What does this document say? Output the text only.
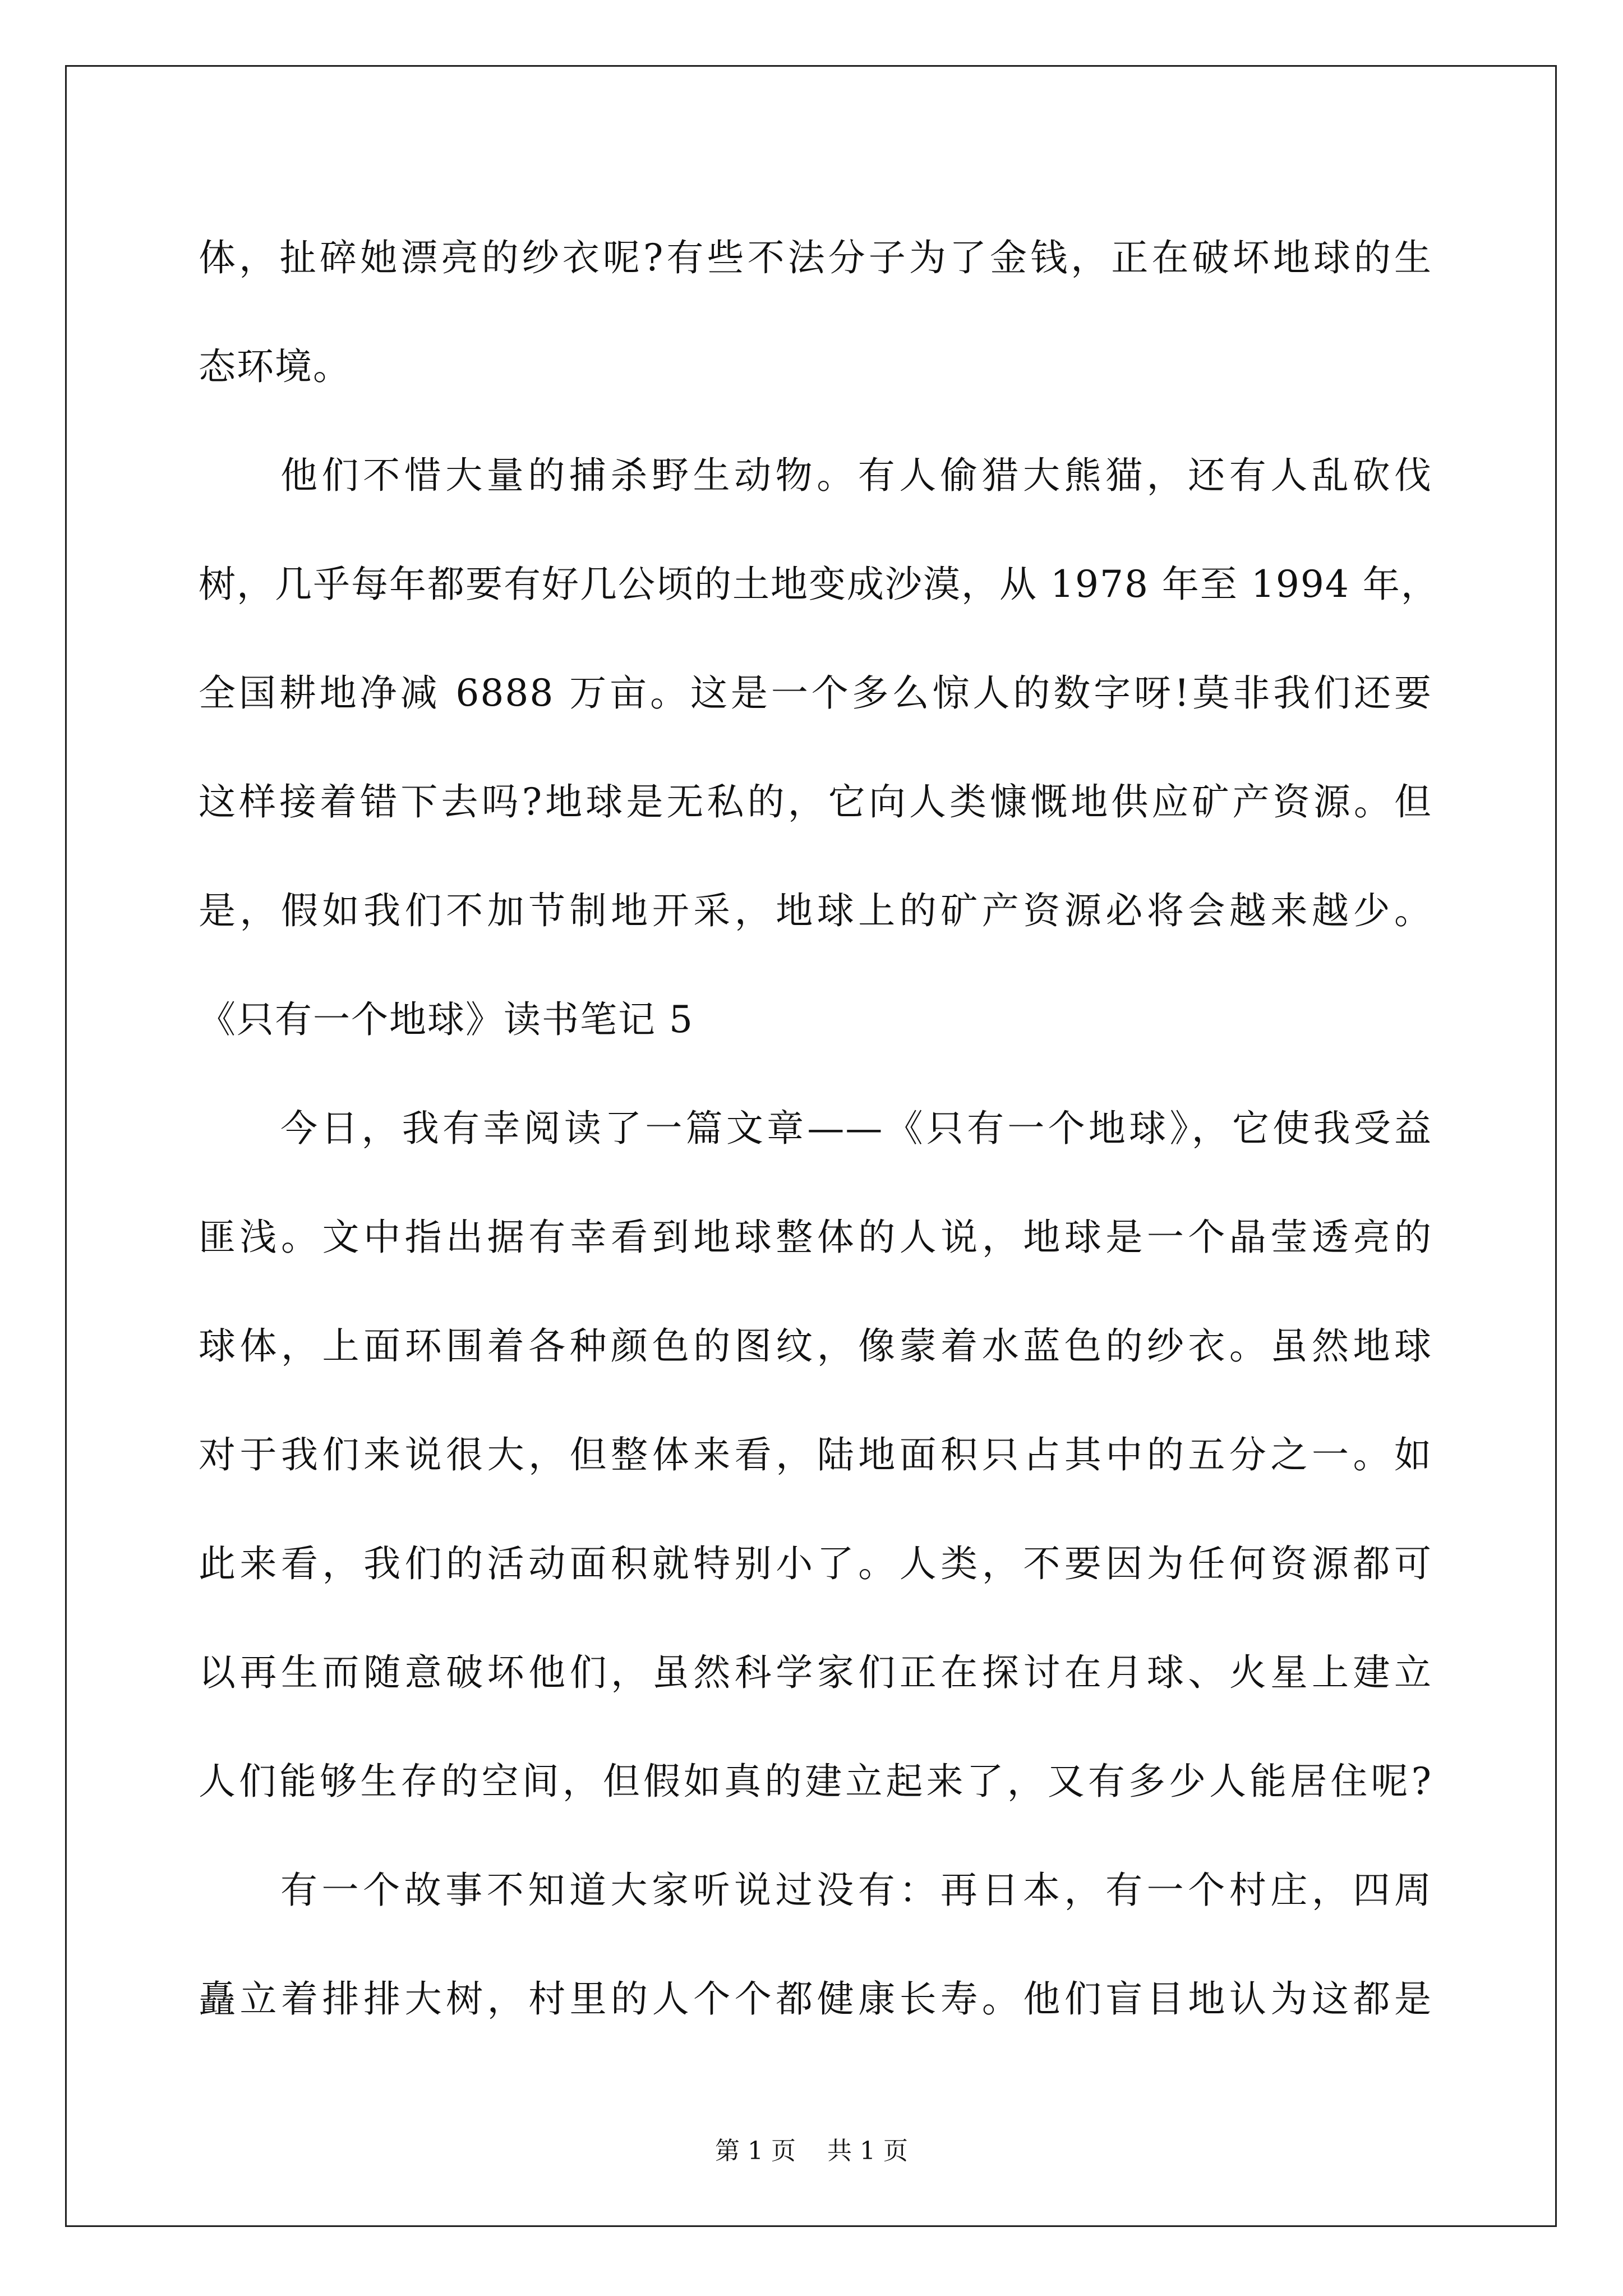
体，扯碎她漂亮的纱衣呢?有些不法分子为了金钱，正在破坏地球的生
态环境。
他们不惜大量的捕杀野生动物。有人偷猎大熊猫，还有人乱砍伐
树，几乎每年都要有好几公顷的土地变成沙漠，从 1978 年至 1994 年，
全国耕地净减 6888 万亩。这是一个多么惊人的数字呀!莫非我们还要
这样接着错下去吗?地球是无私的，它向人类慷慨地供应矿产资源。但
是，假如我们不加节制地开采，地球上的矿产资源必将会越来越少。
《只有一个地球》读书笔记 5
今日，我有幸阅读了一篇文章——《只有一个地球》，它使我受益
匪浅。文中指出据有幸看到地球整体的人说，地球是一个晶莹透亮的
球体，上面环围着各种颜色的图纹，像蒙着水蓝色的纱衣。虽然地球
对于我们来说很大，但整体来看，陆地面积只占其中的五分之一。如
此来看，我们的活动面积就特别小了。人类，不要因为任何资源都可
以再生而随意破坏他们，虽然科学家们正在探讨在月球、火星上建立
人们能够生存的空间，但假如真的建立起来了，又有多少人能居住呢?
有一个故事不知道大家听说过没有：再日本，有一个村庄，四周
矗立着排排大树，村里的人个个都健康长寿。他们盲目地认为这都是
第 1 页 共 1 页
